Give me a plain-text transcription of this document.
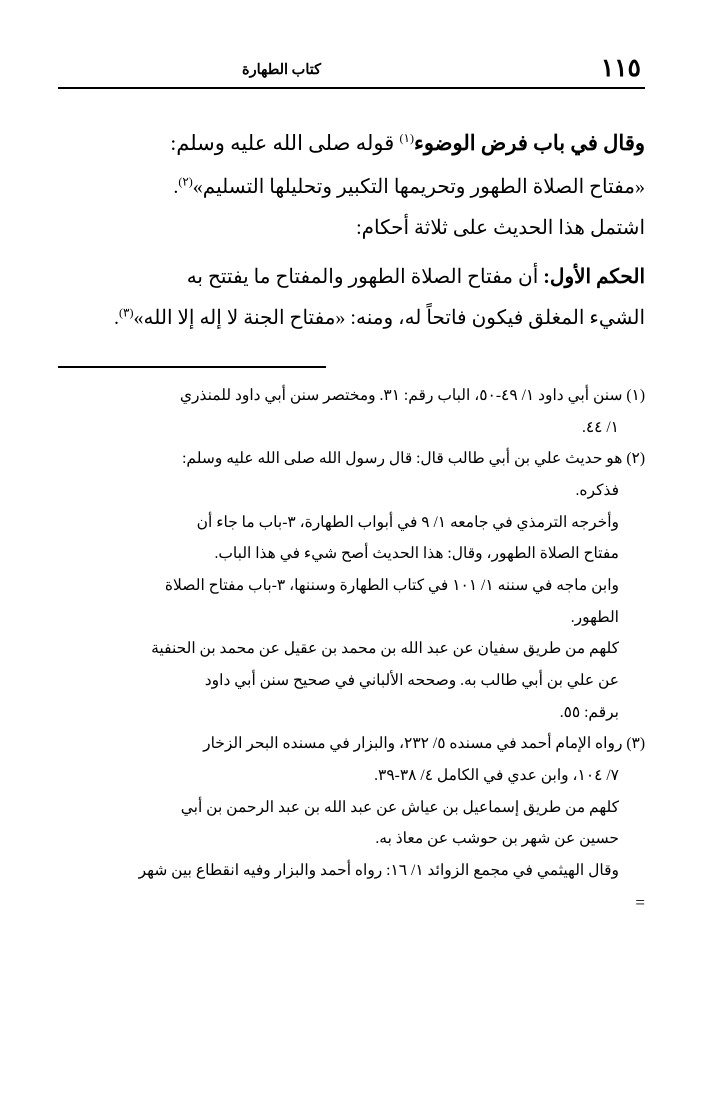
١١٥
كتاب الطهارة

وقال في باب فرض الوضوء$^{(١)}$ قوله صلى الله عليه وسلم:

«مفتاح الصلاة الطهور وتحريمها التكبير وتحليلها التسليم»$^{(٢)}$.

اشتمل هذا الحديث على ثلاثة أحكام:

الحكم الأول: أن مفتاح الصلاة الطهور والمفتاح ما يفتتح به

الشيء المغلق فيكون فاتحاً له، ومنه: «مفتاح الجنة لا إله إلا الله»$^{(٣)}$.

(١) سنن أبي داود ١/ ٤٩-٥٠، الباب رقم: ٣١. ومختصر سنن أبي داود للمنذري
١/ ٤٤.
(٢) هو حديث علي بن أبي طالب قال: قال رسول الله صلى الله عليه وسلم:
فذكره.
وأخرجه الترمذي في جامعه ١/ ٩ في أبواب الطهارة، ٣-باب ما جاء أن
مفتاح الصلاة الطهور، وقال: هذا الحديث أصح شيء في هذا الباب.
وابن ماجه في سننه ١/ ١٠١ في كتاب الطهارة وسننها، ٣-باب مفتاح الصلاة
الطهور.
كلهم من طريق سفيان عن عبد الله بن محمد بن عقيل عن محمد بن الحنفية
عن علي بن أبي طالب به. وصححه الألباني في صحيح سنن أبي داود
برقم: ٥٥.
(٣) رواه الإمام أحمد في مسنده ٥/ ٢٣٢، والبزار في مسنده البحر الزخار
٧/ ١٠٤، وابن عدي في الكامل ٤/ ٣٨-٣٩.
كلهم من طريق إسماعيل بن عياش عن عبد الله بن عبد الرحمن بن أبي
حسين عن شهر بن حوشب عن معاذ به.
وقال الهيثمي في مجمع الزوائد ١/ ١٦: رواه أحمد والبزار وفيه انقطاع بين شهر
=
